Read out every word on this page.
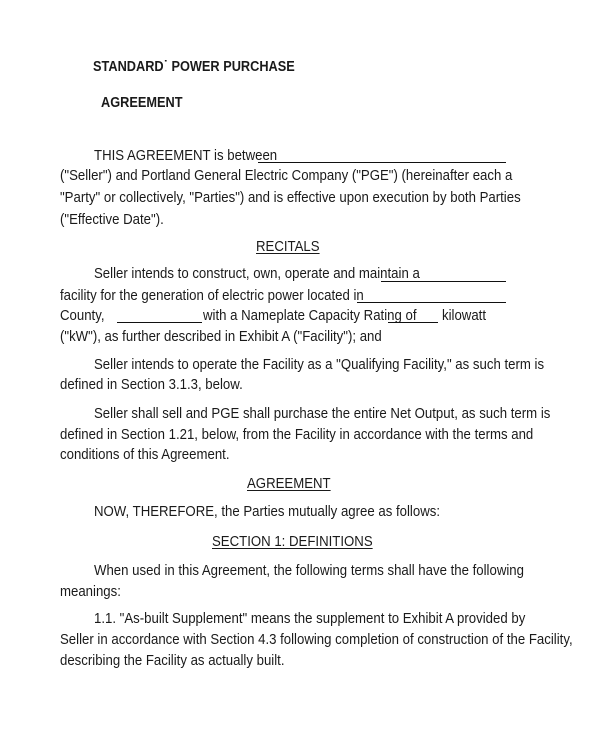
STANDARD˙ POWER PURCHASE
AGREEMENT
THIS AGREEMENT is between
("Seller") and Portland General Electric Company ("PGE") (hereinafter each a
"Party" or collectively, "Parties") and is effective upon execution by both Parties
("Effective Date").
RECITALS
Seller intends to construct, own, operate and maintain a
facility for the generation of electric power located in
County,	with a Nameplate Capacity Rating of kilowatt
("kW"), as further described in Exhibit A ("Facility"); and
Seller intends to operate the Facility as a "Qualifying Facility," as such term is
defined in Section 3.1.3, below.
Seller shall sell and PGE shall purchase the entire Net Output, as such term is
defined in Section 1.21, below, from the Facility in accordance with the terms and
conditions of this Agreement.
AGREEMENT
NOW, THEREFORE, the Parties mutually agree as follows:
SECTION 1: DEFINITIONS
When used in this Agreement, the following terms shall have the following
meanings:
1.1. "As-built Supplement" means the supplement to Exhibit A provided by
Seller in accordance with Section 4.3 following completion of construction of the Facility,
describing the Facility as actually built.
